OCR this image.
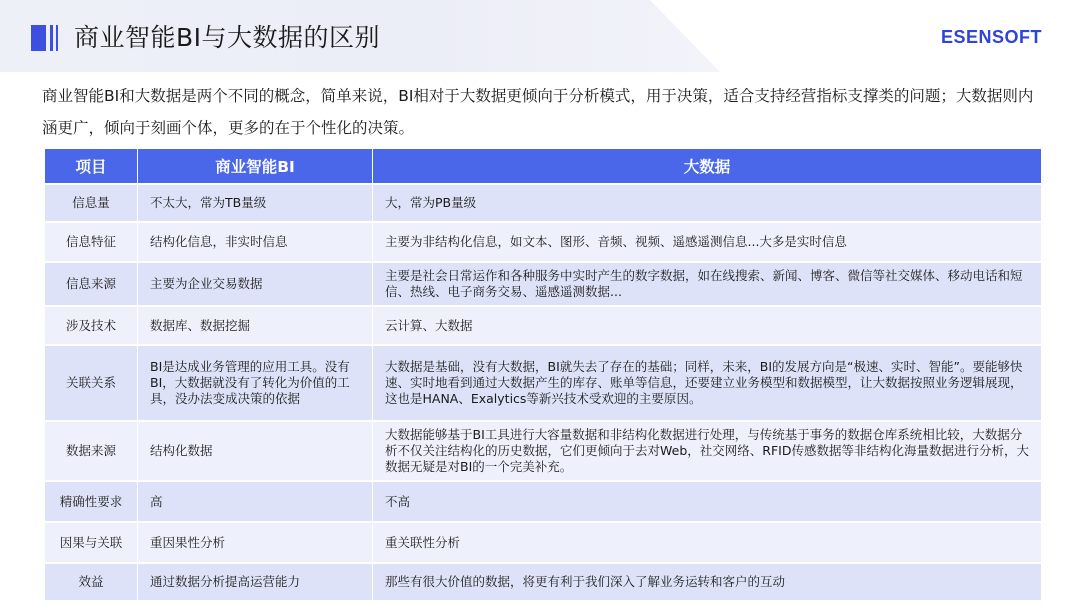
商业智能BI与大数据的区别	ESENSOFT

商业智能BI和大数据是两个不同的概念，简单来说，BI相对于大数据更倾向于分析模式，用于决策，适合支持经营指标支撑类的问题；大数据则内涵更广，倾向于刻画个体，更多的在于个性化的决策。

项目	商业智能BI	大数据
信息量	不太大，常为TB量级	大，常为PB量级
信息特征	结构化信息，非实时信息	主要为非结构化信息，如文本、图形、音频、视频、遥感遥测信息...大多是实时信息
信息来源	主要为企业交易数据	主要是社会日常运作和各种服务中实时产生的数字数据，如在线搜索、新闻、博客、微信等社交媒体、移动电话和短信、热线、电子商务交易、遥感遥测数据...
涉及技术	数据库、数据挖掘	云计算、大数据
关联关系	BI是达成业务管理的应用工具。没有BI，大数据就没有了转化为价值的工具，没办法变成决策的依据	大数据是基础，没有大数据，BI就失去了存在的基础；同样，未来，BI的发展方向是“极速、实时、智能”。要能够快速、实时地看到通过大数据产生的库存、账单等信息，还要建立业务模型和数据模型，让大数据按照业务逻辑展现，这也是HANA、Exalytics等新兴技术受欢迎的主要原因。
数据来源	结构化数据	大数据能够基于BI工具进行大容量数据和非结构化数据进行处理，与传统基于事务的数据仓库系统相比较，大数据分析不仅关注结构化的历史数据，它们更倾向于去对Web，社交网络、RFID传感数据等非结构化海量数据进行分析，大数据无疑是对BI的一个完美补充。
精确性要求	高	不高
因果与关联	重因果性分析	重关联性分析
效益	通过数据分析提高运营能力	那些有很大价值的数据，将更有利于我们深入了解业务运转和客户的互动
